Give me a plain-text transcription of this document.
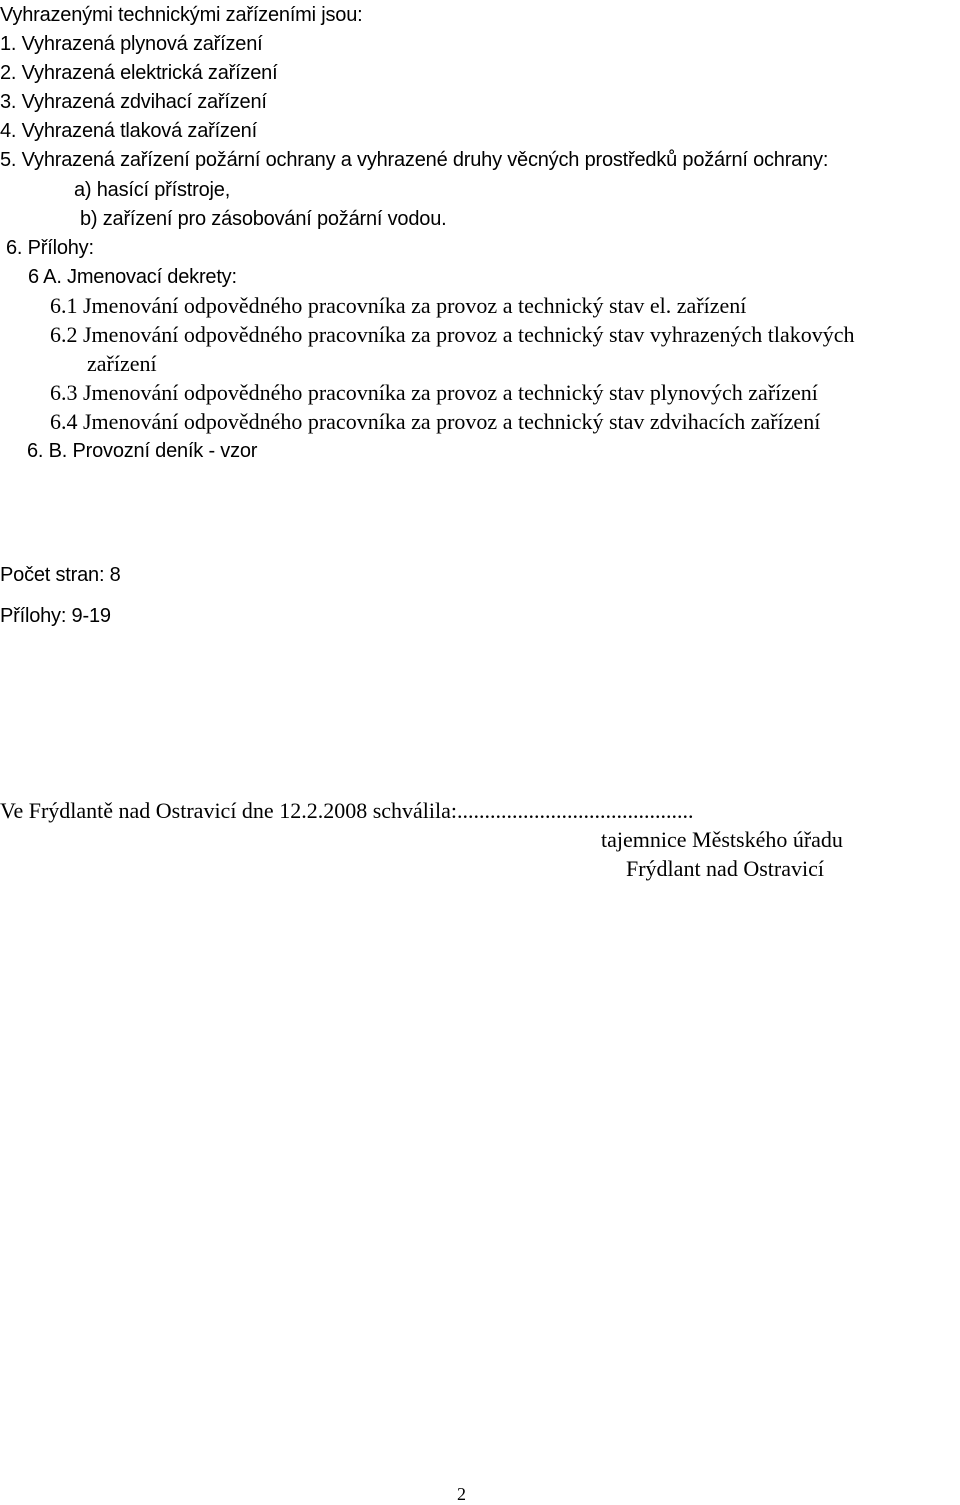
Vyhrazenými technickými zařízeními jsou:
1. Vyhrazená plynová zařízení
2. Vyhrazená elektrická zařízení
3. Vyhrazená zdvihací zařízení
4. Vyhrazená tlaková zařízení
5. Vyhrazená zařízení požární ochrany a vyhrazené druhy věcných prostředků požární ochrany:
a) hasící přístroje,
b) zařízení pro zásobování požární vodou.
6. Přílohy:
6 A. Jmenovací dekrety:
6.1 Jmenování odpovědného pracovníka za provoz a technický stav el. zařízení
6.2 Jmenování odpovědného pracovníka za provoz a technický stav vyhrazených tlakových
zařízení
6.3 Jmenování odpovědného pracovníka za provoz a technický stav plynových zařízení
6.4 Jmenování odpovědného pracovníka za provoz a technický stav zdvihacích zařízení
6. B. Provozní deník - vzor
Počet stran: 8
Přílohy: 9-19
Ve Frýdlantě nad Ostravicí dne 12.2.2008 schválila:...........................................
tajemnice Městského úřadu
Frýdlant nad Ostravicí
2
